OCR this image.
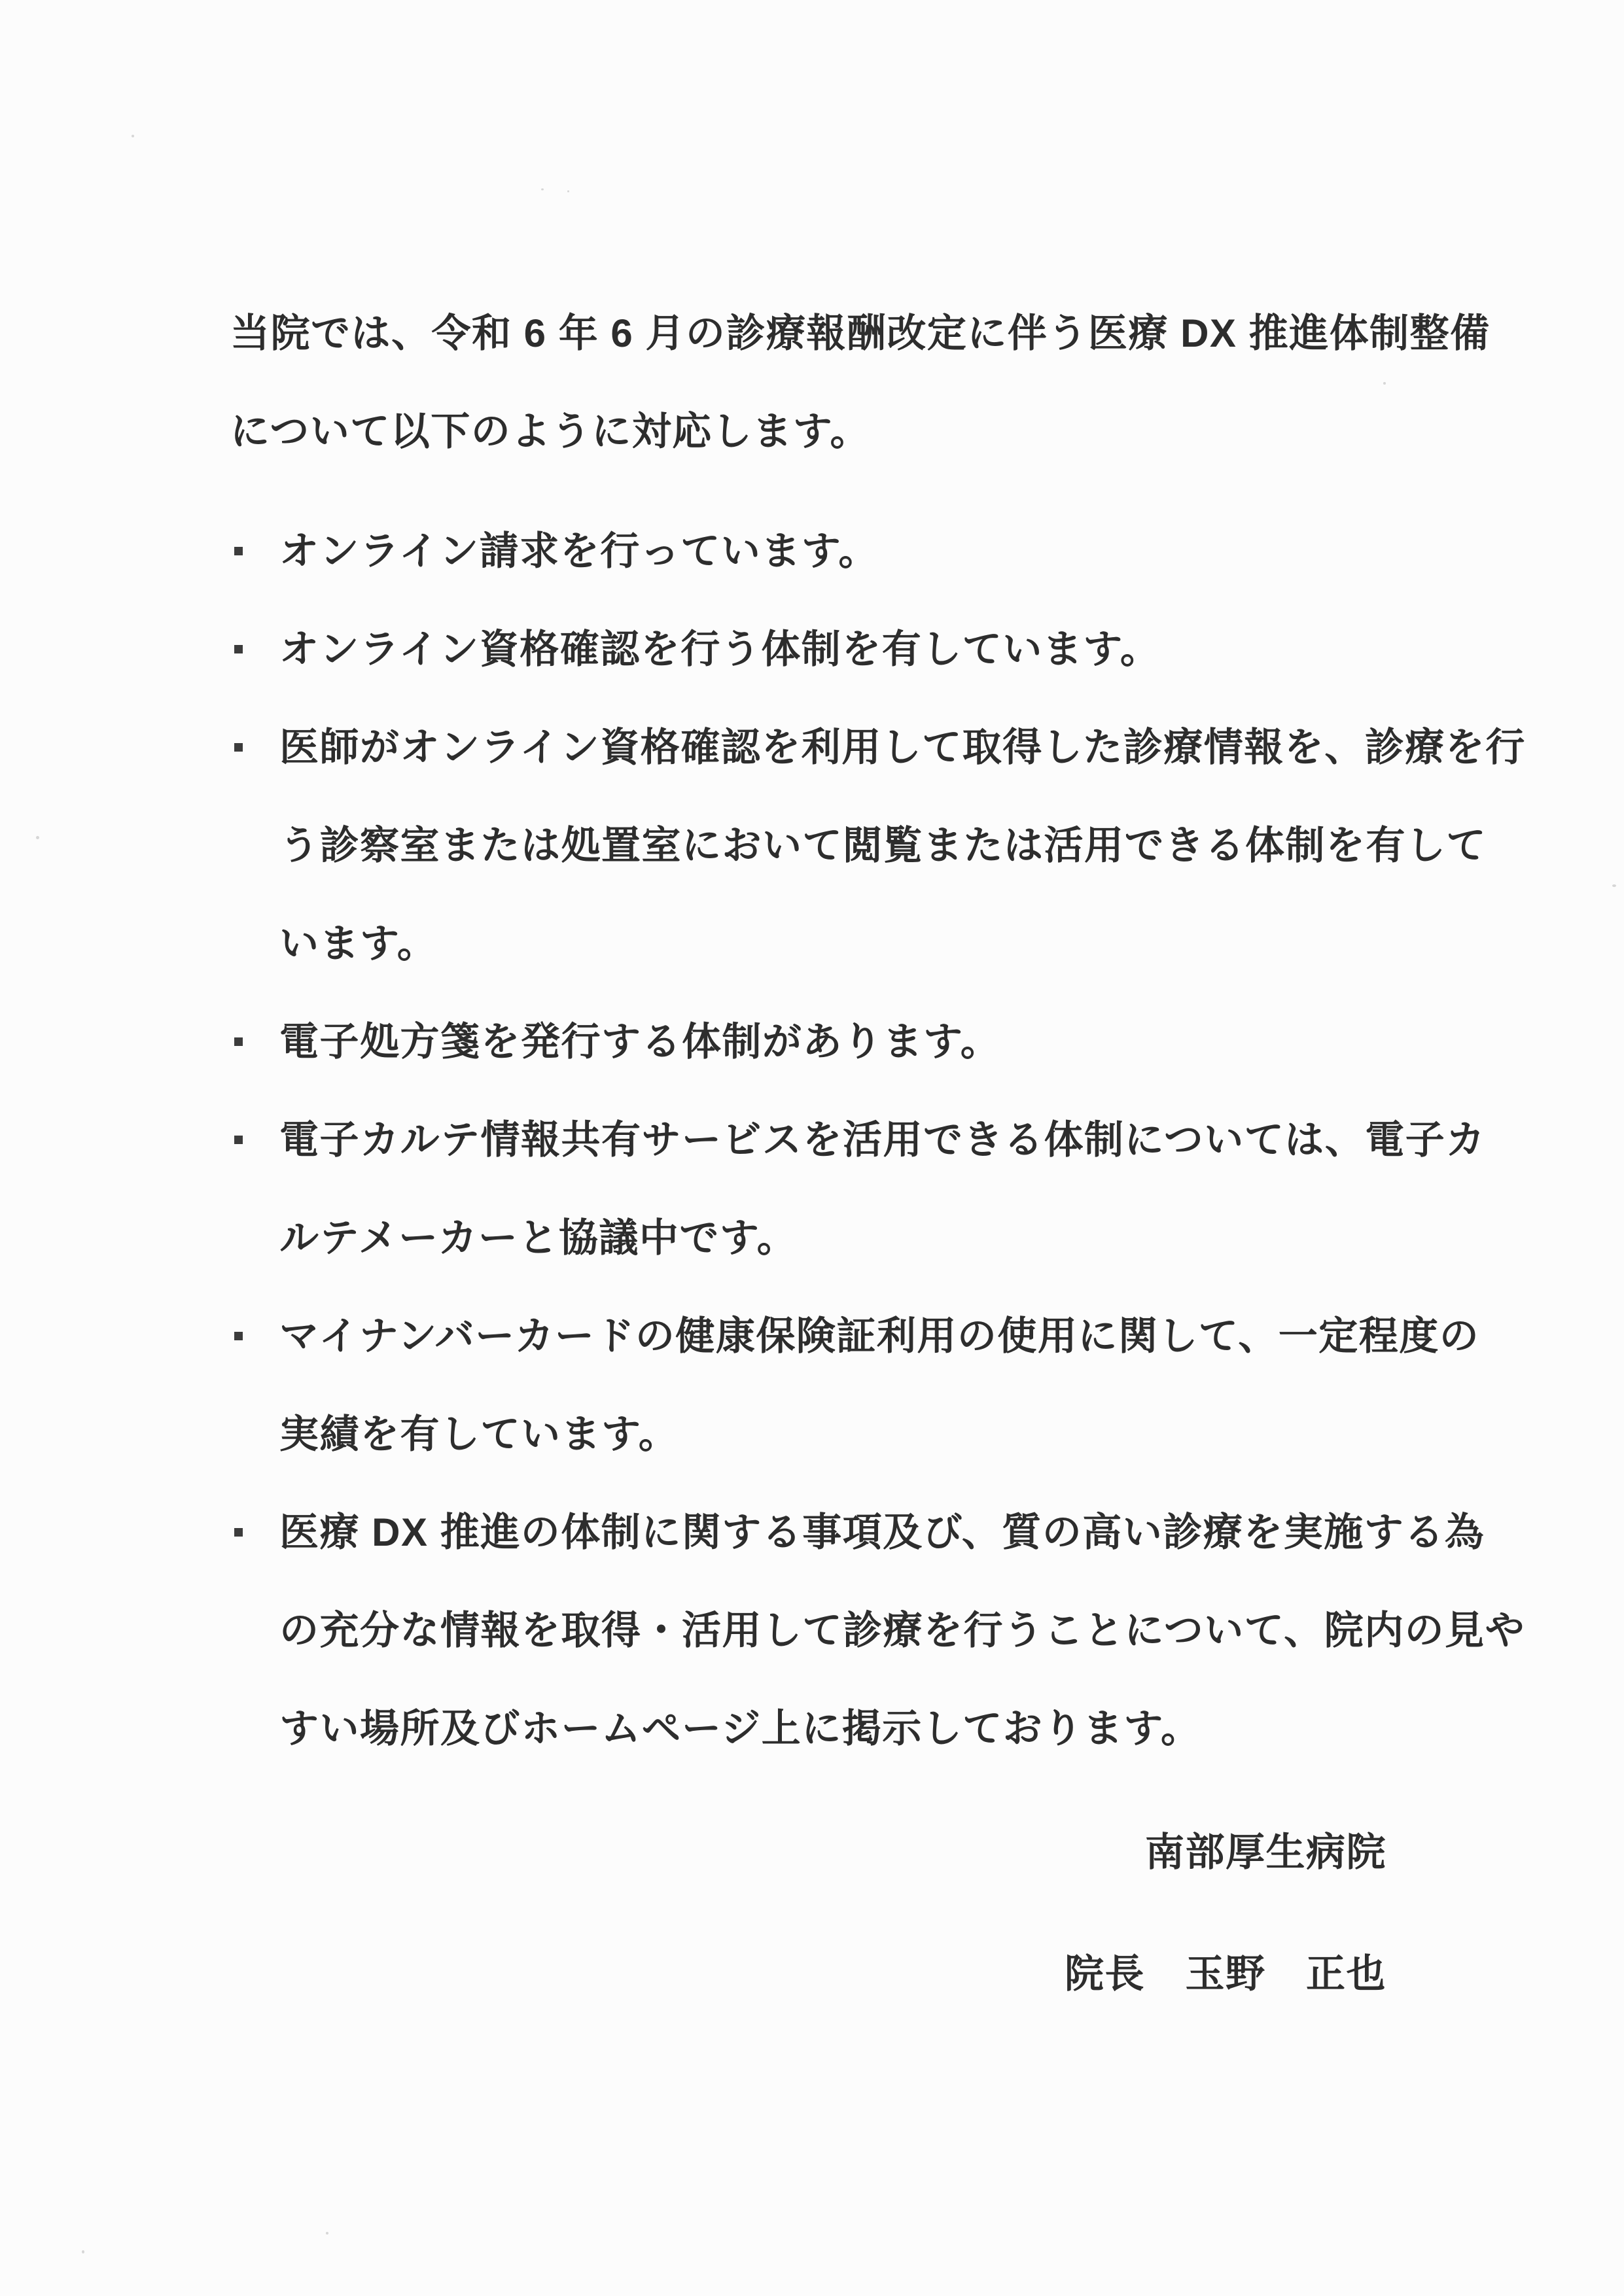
当院では、令和 6 年 6 月の診療報酬改定に伴う医療 DX 推進体制整備
について以下のように対応します。
オンライン請求を行っています。
オンライン資格確認を行う体制を有しています。
医師がオンライン資格確認を利用して取得した診療情報を、診療を行
う診察室または処置室において閲覧または活用できる体制を有して
います。
電子処方箋を発行する体制があります。
電子カルテ情報共有サービスを活用できる体制については、電子カ
ルテメーカーと協議中です。
マイナンバーカードの健康保険証利用の使用に関して、一定程度の
実績を有しています。
医療 DX 推進の体制に関する事項及び、質の高い診療を実施する為
の充分な情報を取得・活用して診療を行うことについて、院内の見や
すい場所及びホームページ上に掲示しております。
南部厚生病院
院長　玉野　正也
